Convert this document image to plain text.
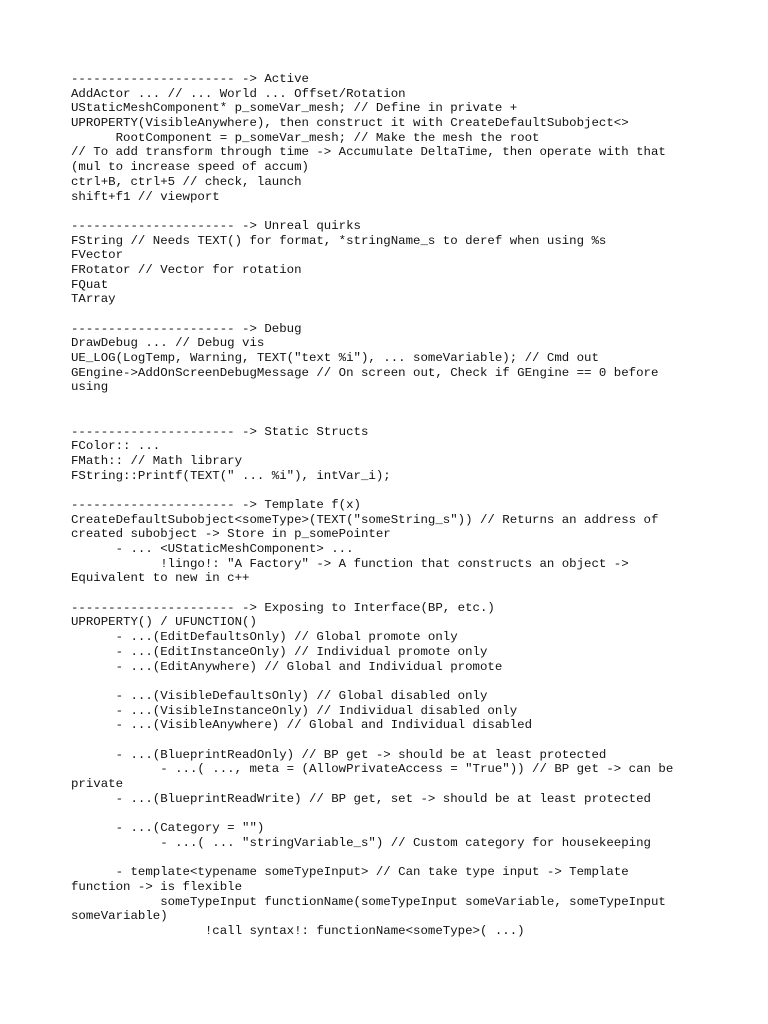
---------------------- -> Active
AddActor ... // ... World ... Offset/Rotation
UStaticMeshComponent* p_someVar_mesh; // Define in private +
UPROPERTY(VisibleAnywhere), then construct it with CreateDefaultSubobject<>
RootComponent = p_someVar_mesh; // Make the mesh the root
// To add transform through time -> Accumulate DeltaTime, then operate with that
(mul to increase speed of accum)
ctrl+B, ctrl+5 // check, launch
shift+f1 // viewport
---------------------- -> Unreal quirks
FString // Needs TEXT() for format, *stringName_s to deref when using %s
FVector
FRotator // Vector for rotation
FQuat
TArray
---------------------- -> Debug
DrawDebug ... // Debug vis
UE_LOG(LogTemp, Warning, TEXT("text %i"), ... someVariable); // Cmd out
GEngine->AddOnScreenDebugMessage // On screen out, Check if GEngine == 0 before
using
---------------------- -> Static Structs
FColor:: ...
FMath:: // Math library
FString::Printf(TEXT(" ... %i"), intVar_i);
---------------------- -> Template f(x)
CreateDefaultSubobject<someType>(TEXT("someString_s")) // Returns an address of
created subobject -> Store in p_somePointer
- ... <UStaticMeshComponent> ...
!lingo!: "A Factory" -> A function that constructs an object ->
Equivalent to new in c++
---------------------- -> Exposing to Interface(BP, etc.)
UPROPERTY() / UFUNCTION()
- ...(EditDefaultsOnly) // Global promote only
- ...(EditInstanceOnly) // Individual promote only
- ...(EditAnywhere) // Global and Individual promote
- ...(VisibleDefaultsOnly) // Global disabled only
- ...(VisibleInstanceOnly) // Individual disabled only
- ...(VisibleAnywhere) // Global and Individual disabled
- ...(BlueprintReadOnly) // BP get -> should be at least protected
- ...( ..., meta = (AllowPrivateAccess = "True")) // BP get -> can be
private
- ...(BlueprintReadWrite) // BP get, set -> should be at least protected
- ...(Category = "")
- ...( ... "stringVariable_s") // Custom category for housekeeping
- template<typename someTypeInput> // Can take type input -> Template
function -> is flexible
someTypeInput functionName(someTypeInput someVariable, someTypeInput
someVariable)
!call syntax!: functionName<someType>( ...)
